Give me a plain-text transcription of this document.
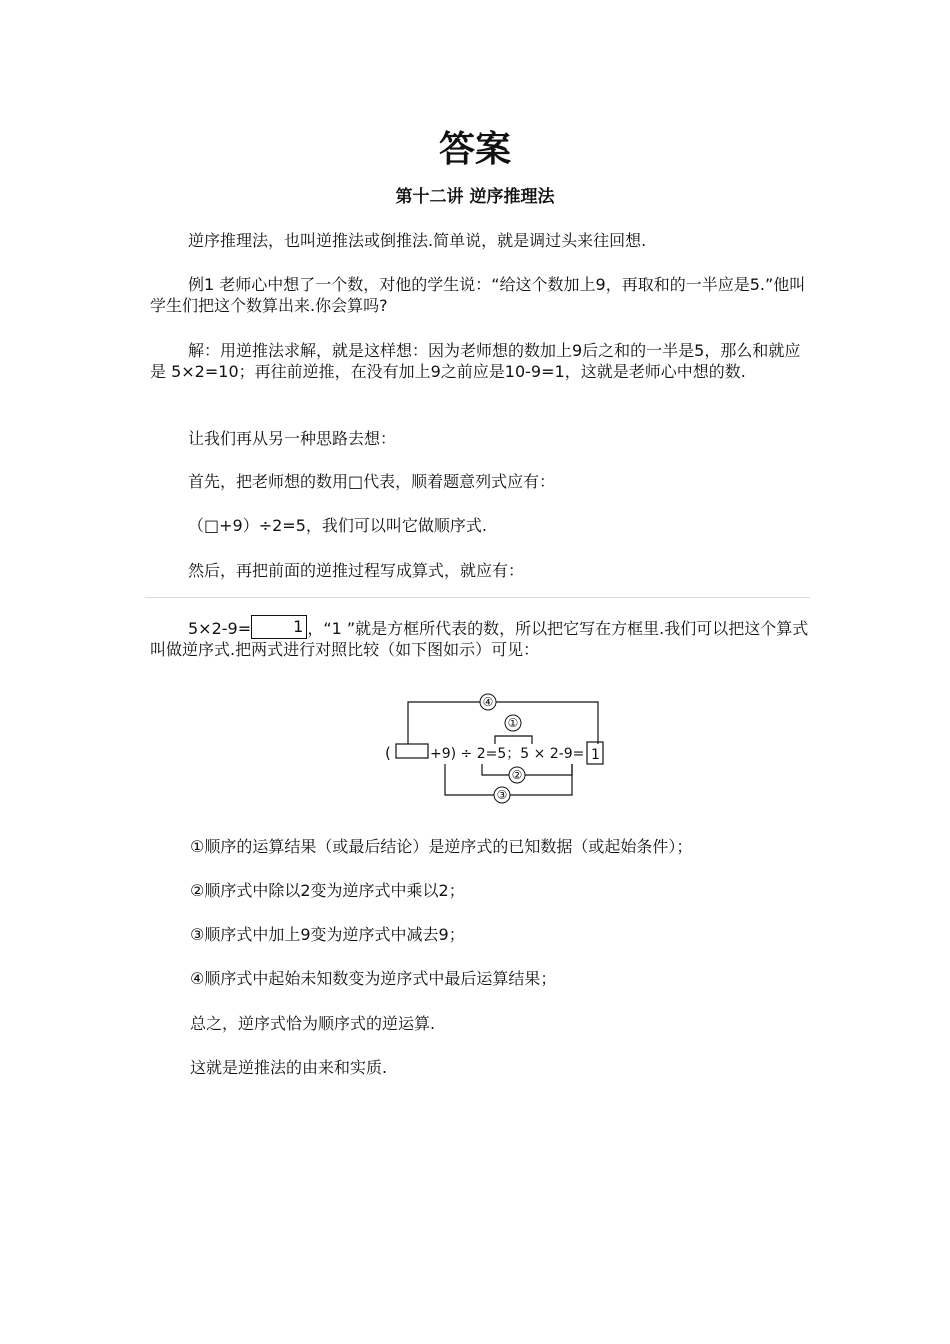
答案
第十二讲 逆序推理法

逆序推理法，也叫逆推法或倒推法.简单说，就是调过头来往回想.

例1 老师心中想了一个数，对他的学生说：“给这个数加上9，再取和的一半应是5.”他叫学生们把这个数算出来.你会算吗?

解：用逆推法求解，就是这样想：因为老师想的数加上9后之和的一半是5，那么和就应是 5×2=10；再往前逆推，在没有加上9之前应是10-9=1，这就是老师心中想的数.

让我们再从另一种思路去想：

首先，把老师想的数用□代表，顺着题意列式应有：

（□+9）÷2=5，我们可以叫它做顺序式.

然后，再把前面的逆推过程写成算式，就应有：

5×2-9=	1 ，“1 ”就是方框所代表的数，所以把它写在方框里.我们可以把这个算式叫做逆序式.把两式进行对照比较（如下图如示）可见：

(	+9) ÷ 2=5；5 × 2-9= 1
④
①
②
③

①顺序的运算结果（或最后结论）是逆序式的已知数据（或起始条件）；

②顺序式中除以2变为逆序式中乘以2；

③顺序式中加上9变为逆序式中减去9；

④顺序式中起始未知数变为逆序式中最后运算结果；

总之，逆序式恰为顺序式的逆运算.

这就是逆推法的由来和实质.
